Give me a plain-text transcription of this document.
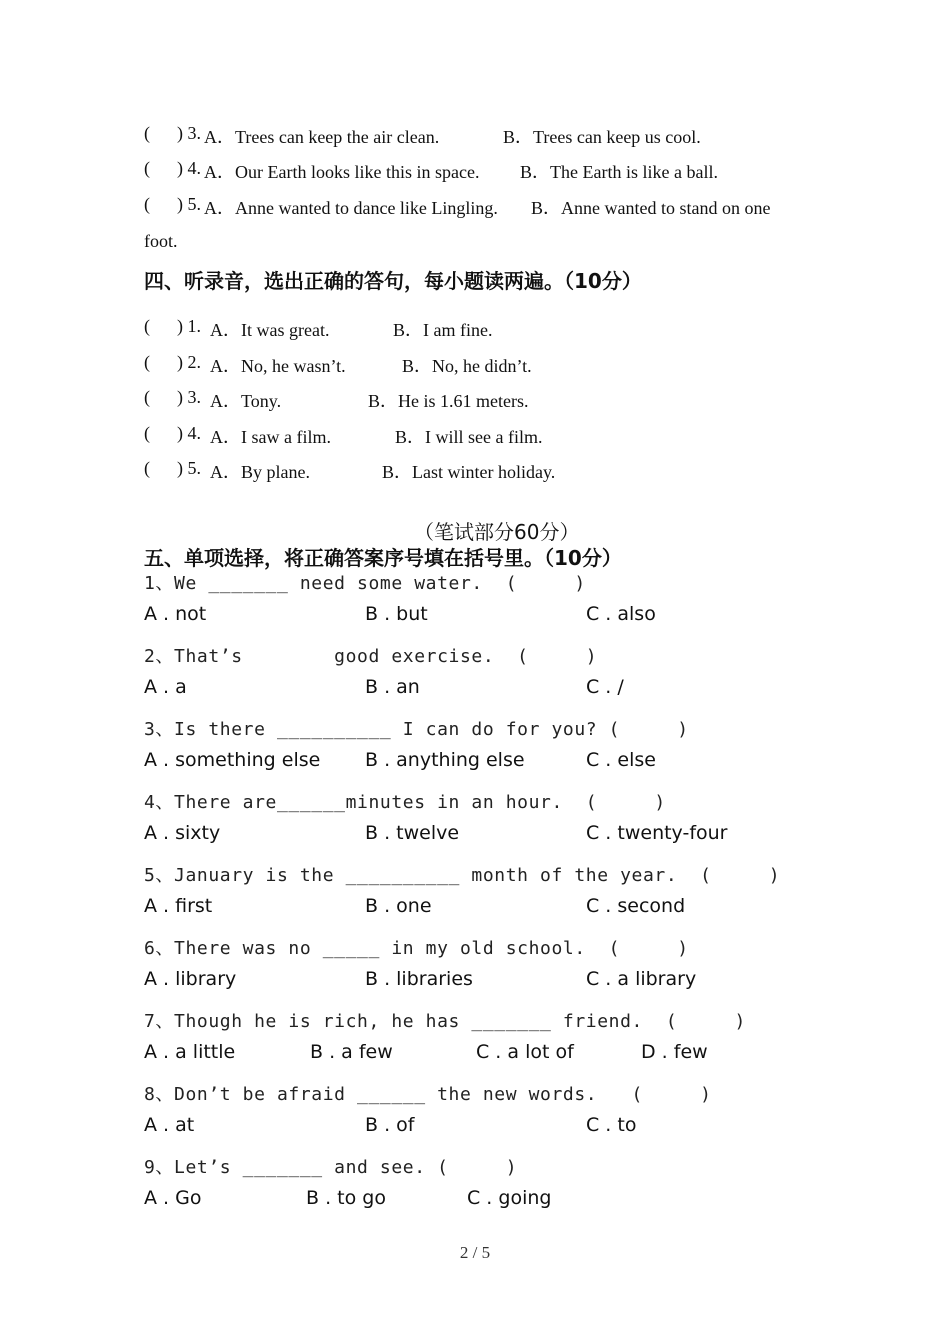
(      ) 3. A．Trees can keep the air clean.	B．Trees can keep us cool.
(      ) 4. A．Our Earth looks like this in space. B．The Earth is like a ball.
(      ) 5. A．Anne wanted to dance like Lingling. B．Anne wanted to stand on one
foot.
四、听录音，选出正确的答句，每小题读两遍。（10分）
(      ) 1. A．It was great.	B．I am fine.
(      ) 2. A．No, he wasn’t.	B．No, he didn’t.
(      ) 3. A．Tony.	B．He is 1.61 meters.
(      ) 4. A．I saw a film.	B．I will see a film.
(      ) 5. A．By plane.	B．Last winter holiday.
（笔试部分60分）
五、单项选择，将正确答案序号填在括号里。（10分）
1、We _______ need some water.  (     )
A . not	B . but	C . also
2、That’s        good exercise.  (     )
A . a	B . an	C . /
3、Is there __________ I can do for you? (     )
A . something else B . anything else	C . else
4、There are______minutes in an hour.  (     )
A . sixty	B . twelve	C . twenty-four
5、January is the __________ month of the year.  (     )
A . first	B . one	C . second
6、There was no _____ in my old school.  (     )
A . library	B . libraries	C . a library
7、Though he is rich, he has _______ friend.  (     )
A . a little	B . a few	C . a lot of	D . few
8、Don’t be afraid ______ the new words.   (     )
A . at	B . of	C . to
9、Let’s _______ and see. (     )
A . Go	B . to go	C . going
2 / 5
